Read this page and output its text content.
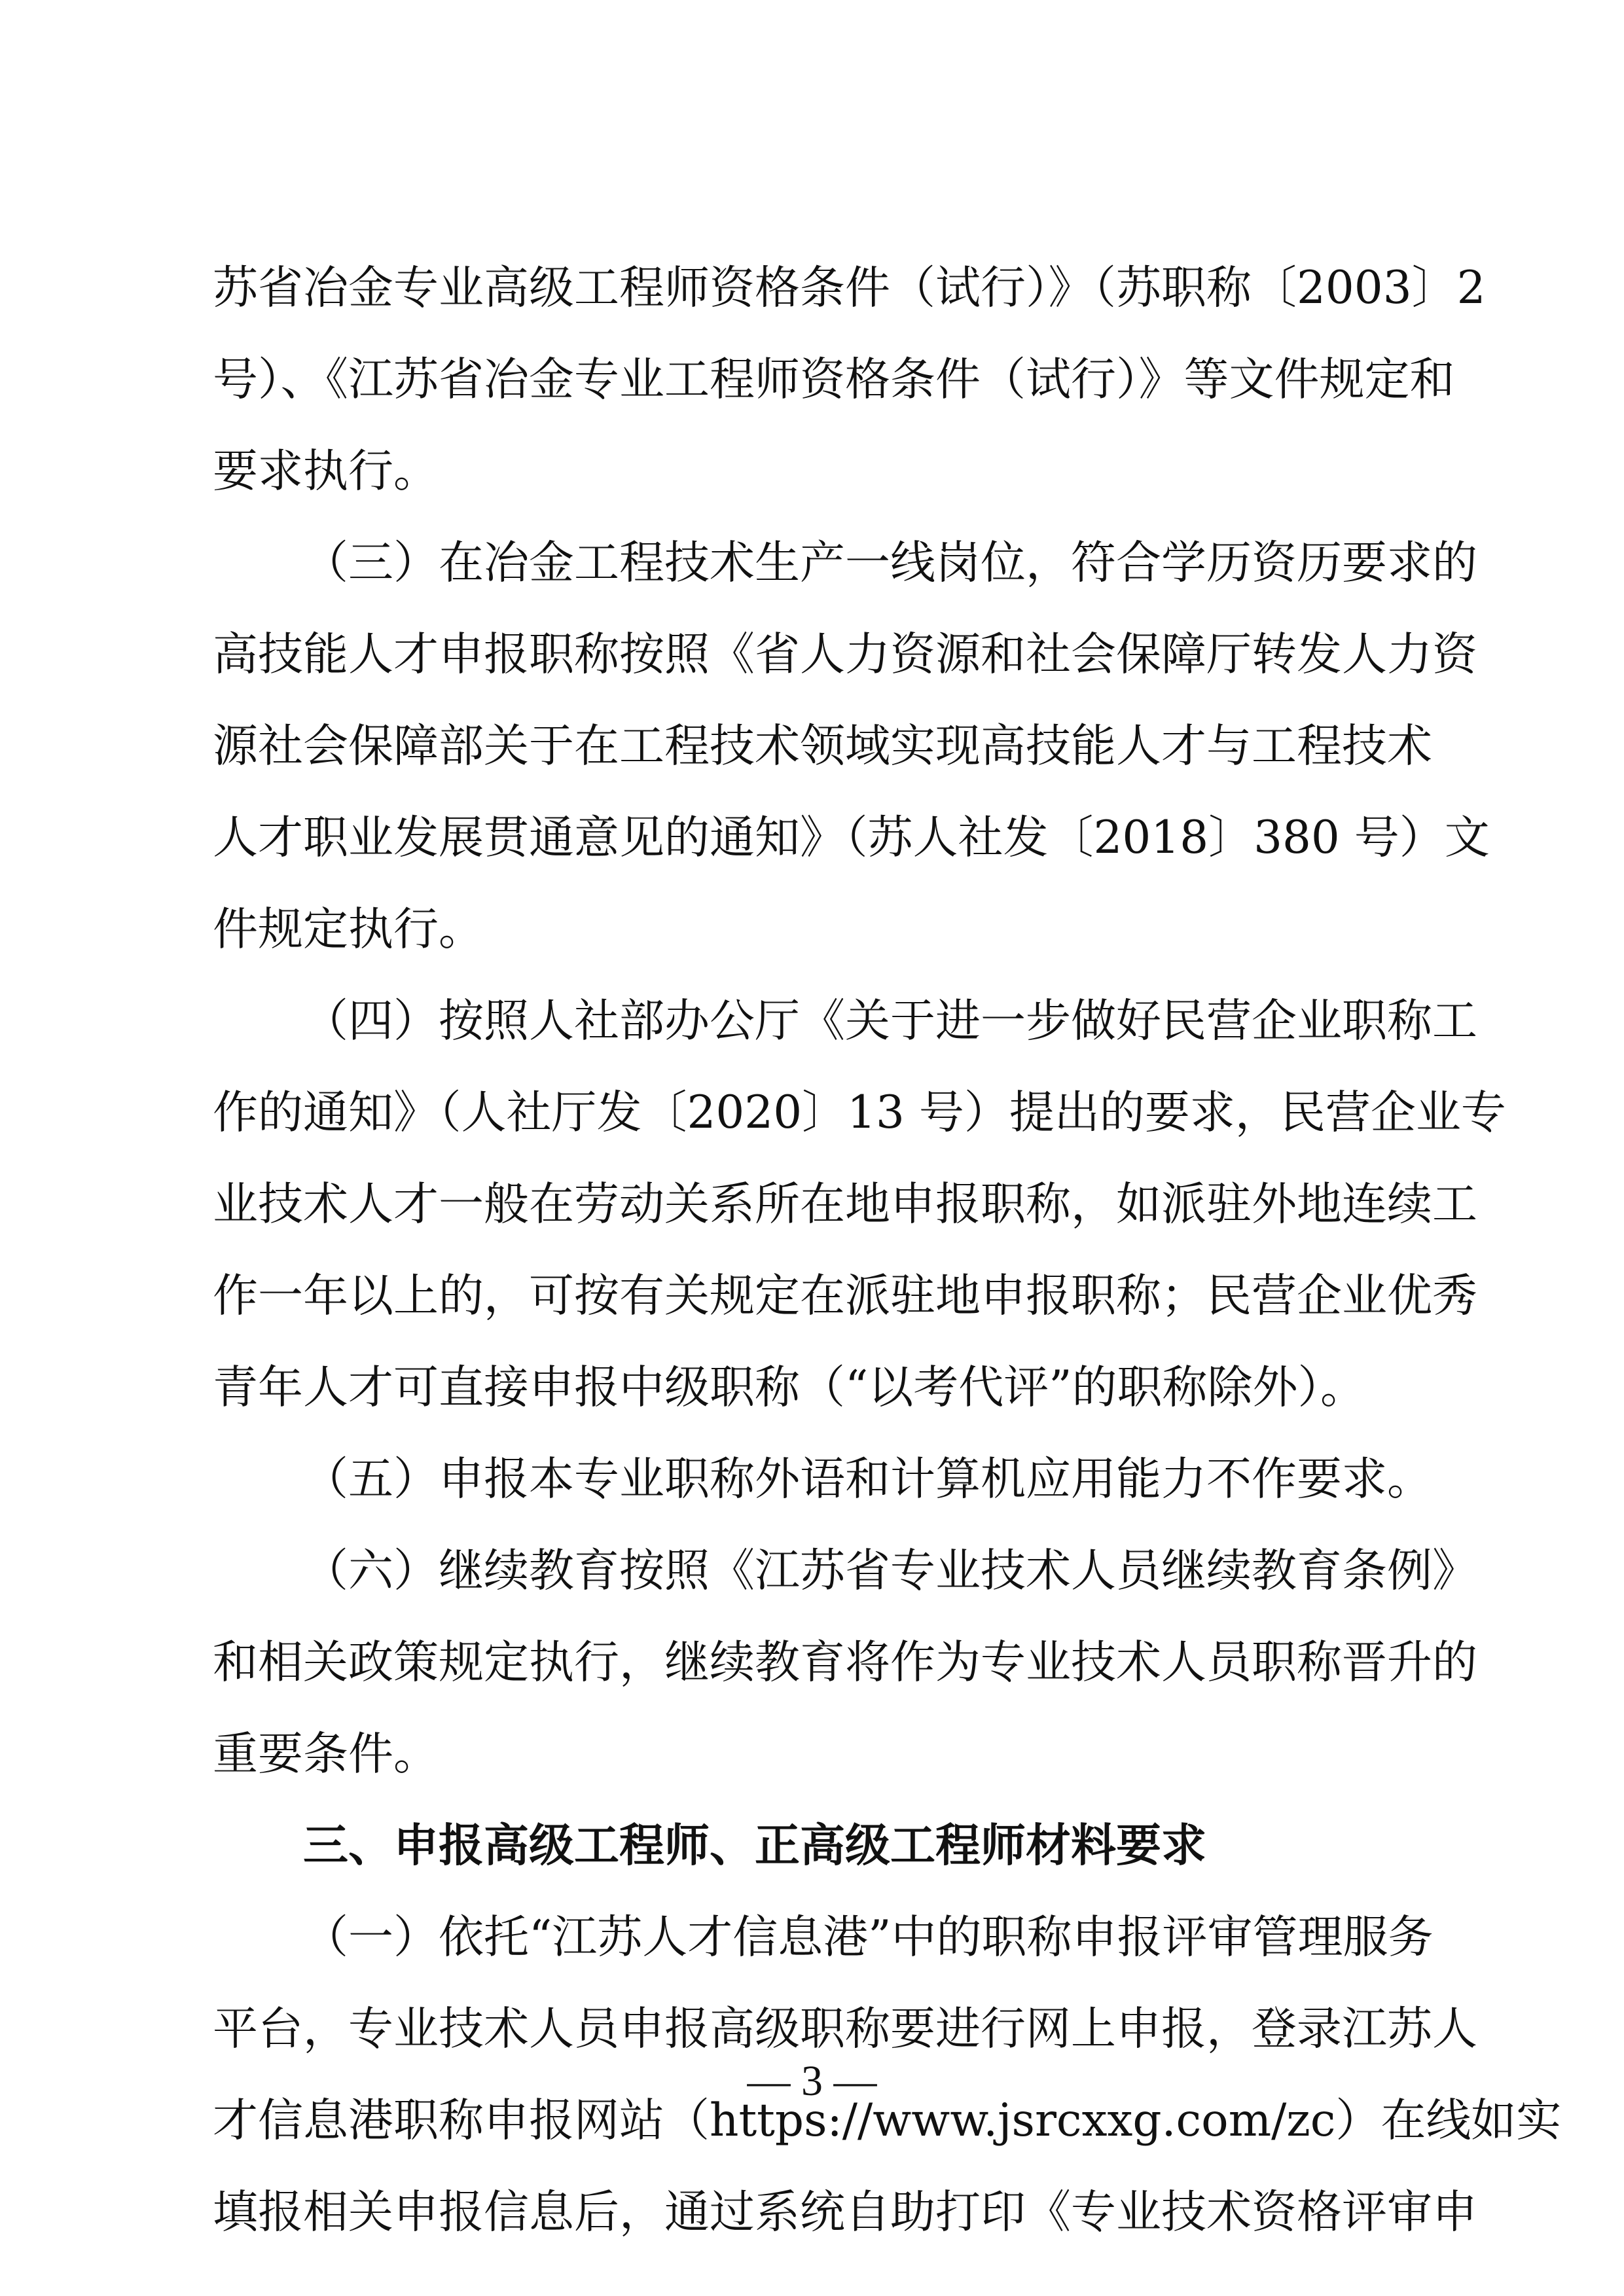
苏省冶金专业高级工程师资格条件（试行）》（苏职称〔2003〕2
号）、《江苏省冶金专业工程师资格条件（试行）》等文件规定和
要求执行。
（三）在冶金工程技术生产一线岗位，符合学历资历要求的
高技能人才申报职称按照《省人力资源和社会保障厅转发人力资
源社会保障部关于在工程技术领域实现高技能人才与工程技术
人才职业发展贯通意见的通知》（苏人社发〔2018〕380 号）文
件规定执行。
（四）按照人社部办公厅《关于进一步做好民营企业职称工
作的通知》（人社厅发〔2020〕13 号）提出的要求，民营企业专
业技术人才一般在劳动关系所在地申报职称，如派驻外地连续工
作一年以上的，可按有关规定在派驻地申报职称；民营企业优秀
青年人才可直接申报中级职称（“以考代评”的职称除外）。
（五）申报本专业职称外语和计算机应用能力不作要求。
（六）继续教育按照《江苏省专业技术人员继续教育条例》
和相关政策规定执行，继续教育将作为专业技术人员职称晋升的
重要条件。
三、申报高级工程师、正高级工程师材料要求
（一）依托“江苏人才信息港”中的职称申报评审管理服务
平台，专业技术人员申报高级职称要进行网上申报，登录江苏人
才信息港职称申报网站（https://www.jsrcxxg.com/zc）在线如实
填报相关申报信息后，通过系统自助打印《专业技术资格评审申
— 3 —
